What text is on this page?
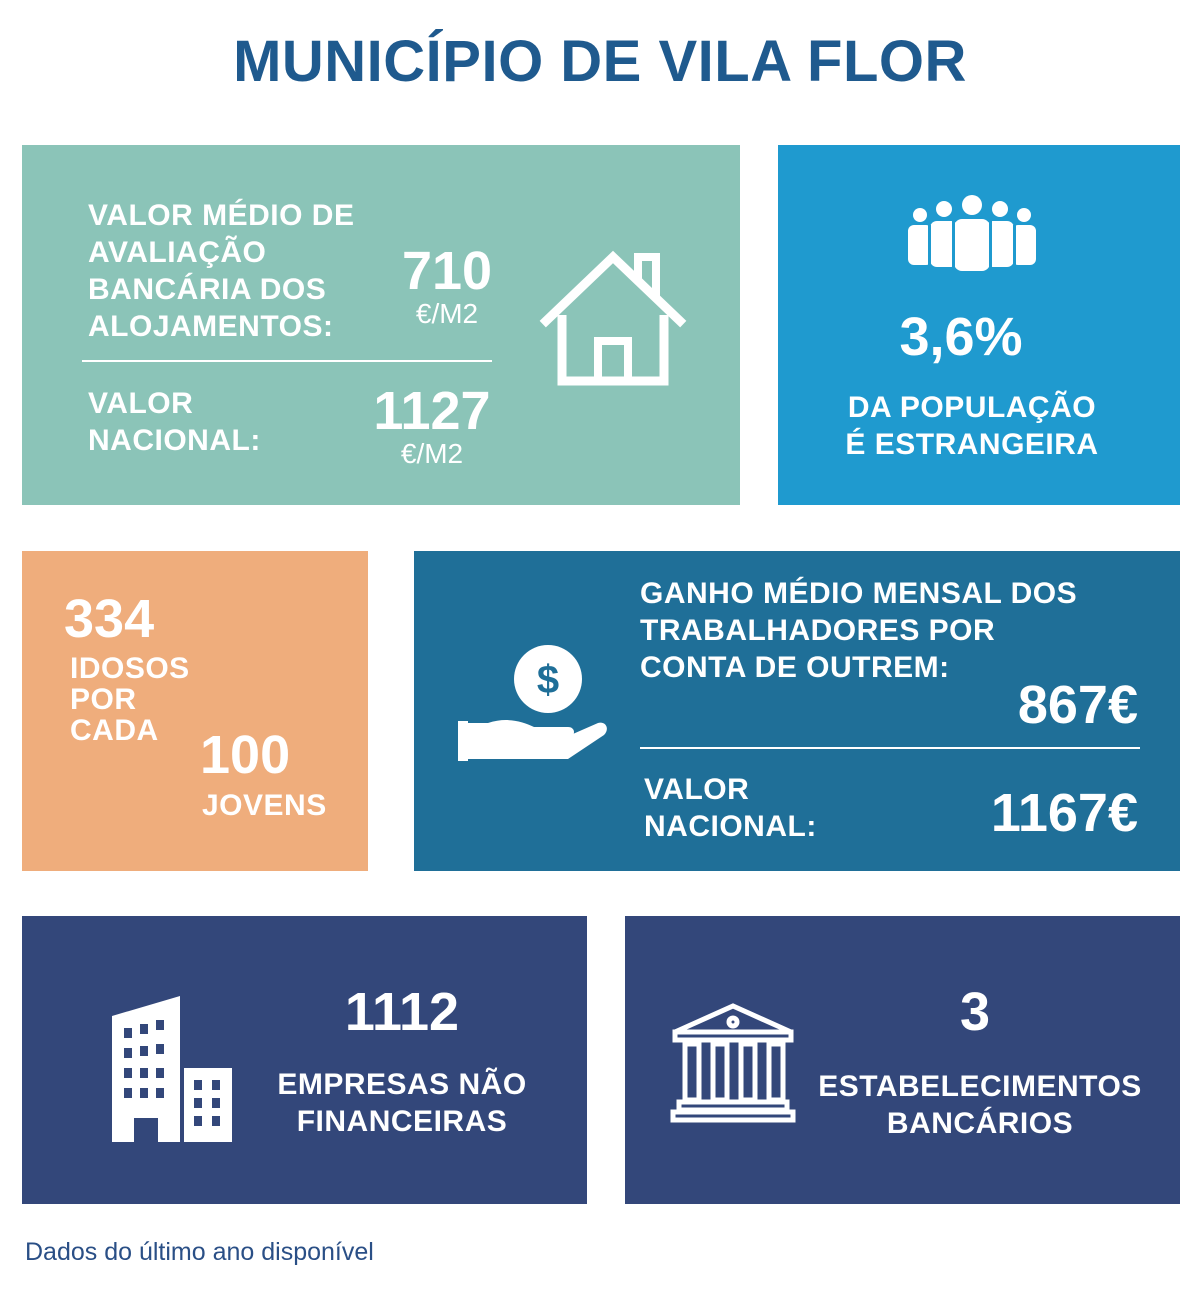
MUNICÍPIO DE VILA FLOR
VALOR MÉDIO DE
AVALIAÇÃO
BANCÁRIA DOS
ALOJAMENTOS:
710
€/M2
VALOR
NACIONAL: 1127
€/M2
3,6%
DA POPULAÇÃO
É ESTRANGEIRA
334
IDOSOS
POR
CADA 100
JOVENS
$
GANHO MÉDIO MENSAL DOS
TRABALHADORES POR
CONTA DE OUTREM:
867€
VALOR
NACIONAL:	1167€
1112
EMPRESAS NÃO
FINANCEIRAS
3
ESTABELECIMENTOS
BANCÁRIOS
Dados do último ano disponível
